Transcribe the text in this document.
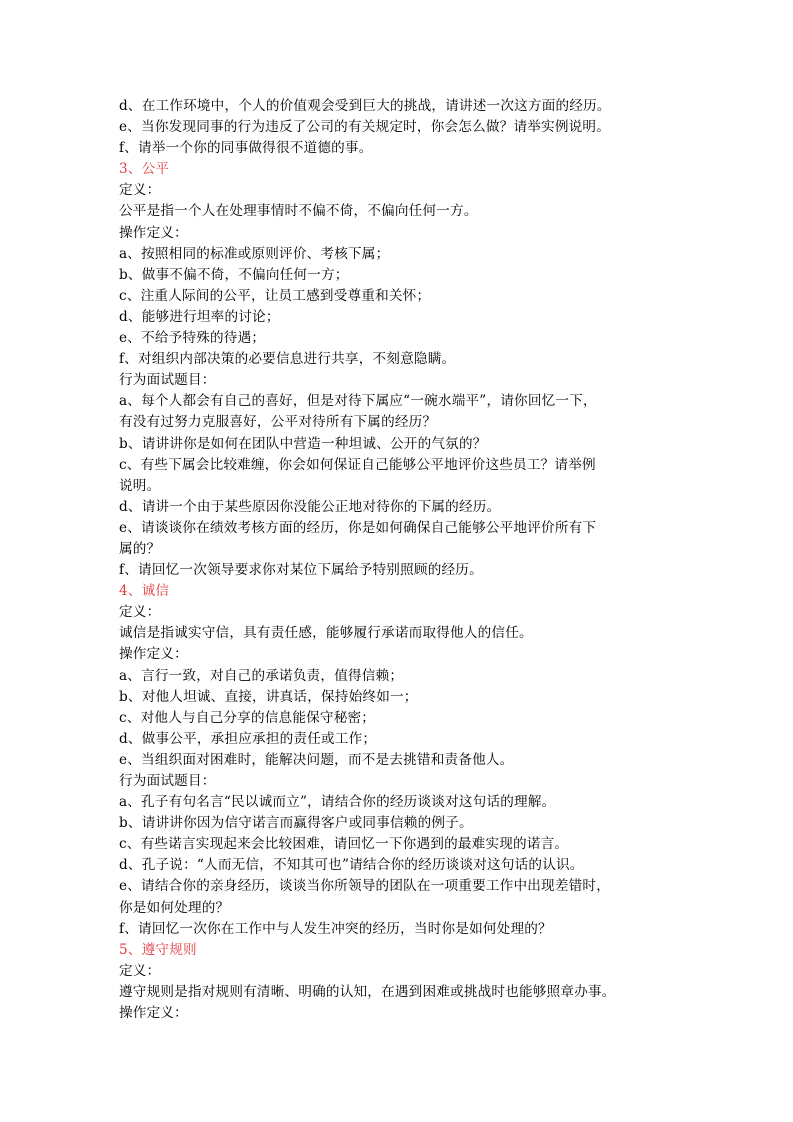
d、在工作环境中，个人的价值观会受到巨大的挑战，请讲述一次这方面的经历。
e、当你发现同事的行为违反了公司的有关规定时，你会怎么做？请举实例说明。
f、请举一个你的同事做得很不道德的事。
3、公平
定义：
公平是指一个人在处理事情时不偏不倚，不偏向任何一方。
操作定义：
a、按照相同的标准或原则评价、考核下属；
b、做事不偏不倚，不偏向任何一方；
c、注重人际间的公平，让员工感到受尊重和关怀；
d、能够进行坦率的讨论；
e、不给予特殊的待遇；
f、对组织内部决策的必要信息进行共享，不刻意隐瞒。
行为面试题目：
a、每个人都会有自己的喜好，但是对待下属应“一碗水端平”，请你回忆一下，
有没有过努力克服喜好，公平对待所有下属的经历？
b、请讲讲你是如何在团队中营造一种坦诚、公开的气氛的？
c、有些下属会比较难缠，你会如何保证自己能够公平地评价这些员工？请举例
说明。
d、请讲一个由于某些原因你没能公正地对待你的下属的经历。
e、请谈谈你在绩效考核方面的经历，你是如何确保自己能够公平地评价所有下
属的？
f、请回忆一次领导要求你对某位下属给予特别照顾的经历。
4、诚信
定义：
诚信是指诚实守信，具有责任感，能够履行承诺而取得他人的信任。
操作定义：
a、言行一致，对自己的承诺负责，值得信赖；
b、对他人坦诚、直接，讲真话，保持始终如一；
c、对他人与自己分享的信息能保守秘密；
d、做事公平，承担应承担的责任或工作；
e、当组织面对困难时，能解决问题，而不是去挑错和责备他人。
行为面试题目：
a、孔子有句名言“民以诚而立”，请结合你的经历谈谈对这句话的理解。
b、请讲讲你因为信守诺言而赢得客户或同事信赖的例子。
c、有些诺言实现起来会比较困难，请回忆一下你遇到的最难实现的诺言。
d、孔子说：“人而无信，不知其可也”请结合你的经历谈谈对这句话的认识。
e、请结合你的亲身经历，谈谈当你所领导的团队在一项重要工作中出现差错时，
你是如何处理的？
f、请回忆一次你在工作中与人发生冲突的经历，当时你是如何处理的？
5、遵守规则
定义：
遵守规则是指对规则有清晰、明确的认知，在遇到困难或挑战时也能够照章办事。
操作定义：
